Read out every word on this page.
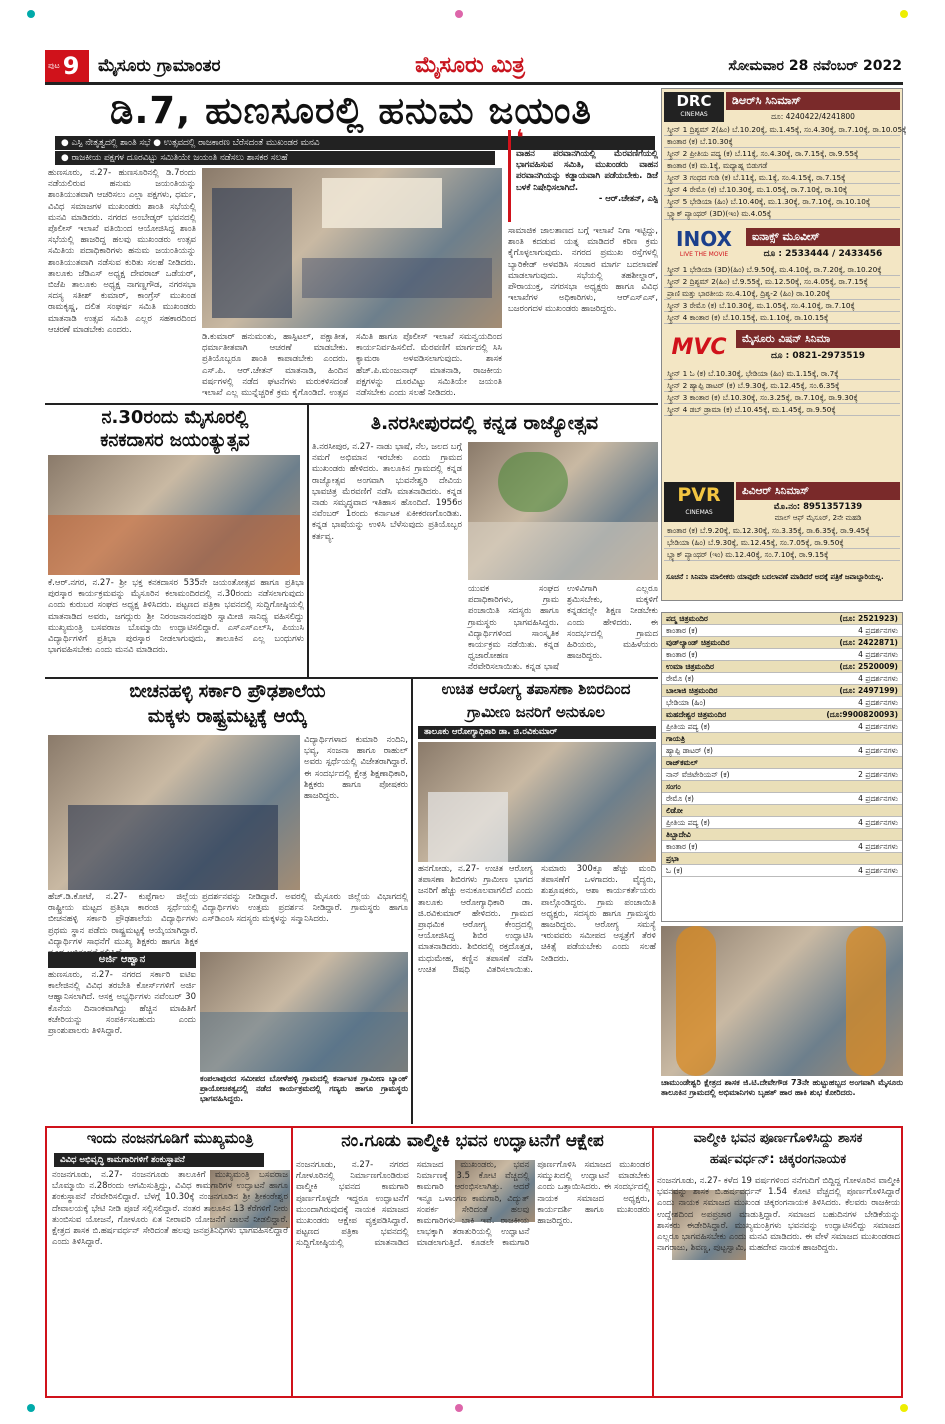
ಪುಟ 9	ಮೈಸೂರು ಗ್ರಾಮಾಂತರ	ಮೈಸೂರು ಮಿತ್ರ	ಸೋಮವಾರ 28 ನವೆಂಬರ್ 2022
ಡಿ.7, ಹುಣಸೂರಲ್ಲಿ ಹನುಮ ಜಯಂತಿ
● ಎಸ್ಪಿ ನೇತೃತ್ವದಲ್ಲಿ ಶಾಂತಿ ಸಭೆ ● ಉತ್ಸವದಲ್ಲಿ ರಾಜಕಾರಣ ಬೆರೆಸದಂತೆ ಮುಖಂಡರ ಮನವಿ
● ರಾಜಕೀಯ ಪಕ್ಷಗಳ ದೂರವಿಟ್ಟು ಸಮಿತಿಯೇ ಜಯಂತಿ ನಡೆಸಲು ಶಾಸಕರ ಸಲಹೆ
ಹುಣಸೂರು, ನ.27- ಹುಣಸೂರಿನಲ್ಲಿ ಡಿ.7ರಂದು ನಡೆಯಲಿರುವ ಹನುಮ ಜಯಂತಿಯನ್ನು ಶಾಂತಿಯುತವಾಗಿ ಆಚರಿಸಲು ಎಲ್ಲಾ ಪಕ್ಷಗಳು, ಧರ್ಮ, ವಿವಿಧ ಸಮಾಜಗಳ ಮುಖಂಡರು ಶಾಂತಿ ಸಭೆಯಲ್ಲಿ ಮನವಿ ಮಾಡಿದರು. ನಗರದ ಅಂಬೇಡ್ಕರ್ ಭವನದಲ್ಲಿ ಪೊಲೀಸ್ ಇಲಾಖೆ ವತಿಯಿಂದ ಆಯೋಜಿಸಿದ್ದ ಶಾಂತಿ ಸಭೆಯಲ್ಲಿ ಹಾಜರಿದ್ದ ಹಲವು ಮುಖಂಡರು ಉತ್ಸವ ಸಮಿತಿಯ ಪದಾಧಿಕಾರಿಗಳು ಹನುಮ ಜಯಂತಿಯನ್ನು ಶಾಂತಿಯುತವಾಗಿ ನಡೆಸುವ ಕುರಿತು ಸಲಹೆ ನೀಡಿದರು. ತಾಲೂಕು ಜೆಡಿಎಸ್ ಅಧ್ಯಕ್ಷ ದೇವರಾಜ್ ಒಡೆಯರ್, ಬಿಜೆಪಿ ತಾಲೂಕು ಅಧ್ಯಕ್ಷ ನಾಗಣ್ಣಗೌಡ, ನಗರಸಭಾ ಸದಸ್ಯ ಸತೀಶ್ ಕುಮಾರ್, ಕಾಂಗ್ರೆಸ್ ಮುಖಂಡ ರಾಮಕೃಷ್ಣ, ದಲಿತ ಸಂಘರ್ಷ ಸಮಿತಿ ಮುಖಂಡರು ಮಾತನಾಡಿ ಉತ್ಸವ ಸಮಿತಿ ಎಲ್ಲರ ಸಹಕಾರದಿಂದ ಆಚರಣೆ ಮಾಡಬೇಕು ಎಂದರು.
ಡಿ.ಕುಮಾರ್ ಹನುಮಂತು, ಹಾಸ್ಪಿಟಲ್, ಪಕ್ಷಾತೀತ, ಧರ್ಮಾತೀತವಾಗಿ ಆಚರಣೆ ಮಾಡಬೇಕು. ಪ್ರತಿಯೊಬ್ಬರೂ ಶಾಂತಿ ಕಾಪಾಡಬೇಕು ಎಂದರು. ಎಸ್.ಪಿ. ಆರ್.ಚೇತನ್ ಮಾತನಾಡಿ, ಹಿಂದಿನ ವರ್ಷಗಳಲ್ಲಿ ನಡೆದ ಘಟನೆಗಳು ಮರುಕಳಿಸದಂತೆ ಇಲಾಖೆ ಎಲ್ಲ ಮುನ್ನೆಚ್ಚರಿಕೆ ಕ್ರಮ ಕೈಗೊಂಡಿದೆ. ಉತ್ಸವ ಸಮಿತಿ ಹಾಗೂ ಪೊಲೀಸ್ ಇಲಾಖೆ ಸಮನ್ವಯದಿಂದ ಕಾರ್ಯನಿರ್ವಹಿಸಲಿದೆ. ಮೆರವಣಿಗೆ ಮಾರ್ಗದಲ್ಲಿ ಸಿಸಿ ಕ್ಯಾಮರಾ ಅಳವಡಿಸಲಾಗುವುದು. ಶಾಸಕ ಹೆಚ್.ಪಿ.ಮಂಜುನಾಥ್ ಮಾತನಾಡಿ, ರಾಜಕೀಯ ಪಕ್ಷಗಳನ್ನು ದೂರವಿಟ್ಟು ಸಮಿತಿಯೇ ಜಯಂತಿ ನಡೆಸಬೇಕು ಎಂದು ಸಲಹೆ ನೀಡಿದರು.
❛
ವಾಹನ ಪರವಾನಗಿಯಲ್ಲಿ ಮೆರವಣಿಗೆಯಲ್ಲಿ ಭಾಗವಹಿಸುವ ಸಮಿತಿ, ಮುಖಂಡರು ವಾಹನ ಪರವಾನಗಿಯನ್ನು ಕಡ್ಡಾಯವಾಗಿ ಪಡೆಯಬೇಕು. ಡಿಜೆ ಬಳಕೆ ನಿಷೇಧಿಸಲಾಗಿದೆ.
- ಆರ್.ಚೇತನ್, ಎಸ್ಪಿ
ಸಾಮಾಜಿಕ ಜಾಲತಾಣದ ಬಗ್ಗೆ ಇಲಾಖೆ ನಿಗಾ ಇಟ್ಟಿದ್ದು, ಶಾಂತಿ ಕದಡುವ ಯತ್ನ ಮಾಡಿದರೆ ಕಠಿಣ ಕ್ರಮ ಕೈಗೊಳ್ಳಲಾಗುವುದು. ನಗರದ ಪ್ರಮುಖ ರಸ್ತೆಗಳಲ್ಲಿ ಬ್ಯಾರಿಕೇಡ್ ಅಳವಡಿಸಿ ಸಂಚಾರ ಮಾರ್ಗ ಬದಲಾವಣೆ ಮಾಡಲಾಗುವುದು. ಸಭೆಯಲ್ಲಿ ತಹಶೀಲ್ದಾರ್, ಪೌರಾಯುಕ್ತ, ನಗರಸಭಾ ಅಧ್ಯಕ್ಷರು ಹಾಗೂ ವಿವಿಧ ಇಲಾಖೆಗಳ ಅಧಿಕಾರಿಗಳು, ಆರ್‌ಎಸ್‌ಎಸ್, ಬಜರಂಗದಳ ಮುಖಂಡರು ಹಾಜರಿದ್ದರು.
ನ.30ರಂದು ಮೈಸೂರಲ್ಲಿ
ಕನಕದಾಸರ ಜಯಂತ್ಯುತ್ಸವ
ಕೆ.ಆರ್.ನಗರ, ನ.27- ಶ್ರೀ ಭಕ್ತ ಕನಕದಾಸರ 535ನೇ ಜಯಂತೋತ್ಸವ ಹಾಗೂ ಪ್ರತಿಭಾ ಪುರಸ್ಕಾರ ಕಾರ್ಯಕ್ರಮವನ್ನು ಮೈಸೂರಿನ ಕಲಾಮಂದಿರದಲ್ಲಿ ನ.30ರಂದು ನಡೆಸಲಾಗುವುದು ಎಂದು ಕುರುಬರ ಸಂಘದ ಅಧ್ಯಕ್ಷ ತಿಳಿಸಿದರು. ಪಟ್ಟಣದ ಪತ್ರಿಕಾ ಭವನದಲ್ಲಿ ಸುದ್ದಿಗೋಷ್ಠಿಯಲ್ಲಿ ಮಾತನಾಡಿದ ಅವರು, ಜಗದ್ಗುರು ಶ್ರೀ ನಿರಂಜನಾನಂದಪುರಿ ಸ್ವಾಮೀಜಿ ಸಾನಿಧ್ಯ ವಹಿಸಲಿದ್ದು ಮುಖ್ಯಮಂತ್ರಿ ಬಸವರಾಜ ಬೊಮ್ಮಾಯಿ ಉದ್ಘಾಟಿಸಲಿದ್ದಾರೆ. ಎಸ್‌ಎಸ್‌ಎಲ್‌ಸಿ, ಪಿಯುಸಿ ವಿದ್ಯಾರ್ಥಿಗಳಿಗೆ ಪ್ರತಿಭಾ ಪುರಸ್ಕಾರ ನೀಡಲಾಗುವುದು, ತಾಲೂಕಿನ ಎಲ್ಲ ಬಂಧುಗಳು ಭಾಗವಹಿಸಬೇಕು ಎಂದು ಮನವಿ ಮಾಡಿದರು.
ತಿ.ನರಸೀಪುರದಲ್ಲಿ ಕನ್ನಡ ರಾಜ್ಯೋತ್ಸವ
ತಿ.ನರಸೀಪುರ, ನ.27- ನಾಡು ಭಾಷೆ, ನೆಲ, ಜಲದ ಬಗ್ಗೆ ನಮಗೆ ಅಭಿಮಾನ ಇರಬೇಕು ಎಂದು ಗ್ರಾಮದ ಮುಖಂಡರು ಹೇಳಿದರು. ತಾಲೂಕಿನ ಗ್ರಾಮದಲ್ಲಿ ಕನ್ನಡ ರಾಜ್ಯೋತ್ಸವ ಅಂಗವಾಗಿ ಭುವನೇಶ್ವರಿ ದೇವಿಯ ಭಾವಚಿತ್ರ ಮೆರವಣಿಗೆ ನಡೆಸಿ ಮಾತನಾಡಿದರು. ಕನ್ನಡ ನಾಡು ಸಮೃದ್ಧವಾದ ಇತಿಹಾಸ ಹೊಂದಿದೆ. 1956ರ ನವೆಂಬರ್ 1ರಂದು ಕರ್ನಾಟಕ ಏಕೀಕರಣಗೊಂಡಿತು. ಕನ್ನಡ ಭಾಷೆಯನ್ನು ಉಳಿಸಿ ಬೆಳೆಸುವುದು ಪ್ರತಿಯೊಬ್ಬರ ಕರ್ತವ್ಯ.
ಯುವಕ ಸಂಘದ ಪದಾಧಿಕಾರಿಗಳು, ಗ್ರಾಮ ಪಂಚಾಯಿತಿ ಸದಸ್ಯರು ಹಾಗೂ ಗ್ರಾಮಸ್ಥರು ಭಾಗವಹಿಸಿದ್ದರು. ವಿದ್ಯಾರ್ಥಿಗಳಿಂದ ಸಾಂಸ್ಕೃತಿಕ ಕಾರ್ಯಕ್ರಮ ನಡೆಯಿತು. ಕನ್ನಡ ಧ್ವಜಾರೋಹಣ ನೆರವೇರಿಸಲಾಯಿತು. ಕನ್ನಡ ಭಾಷೆ ಉಳಿವಿಗಾಗಿ ಎಲ್ಲರೂ ಶ್ರಮಿಸಬೇಕು, ಮಕ್ಕಳಿಗೆ ಕನ್ನಡದಲ್ಲೇ ಶಿಕ್ಷಣ ನೀಡಬೇಕು ಎಂದು ಹೇಳಿದರು. ಈ ಸಂದರ್ಭದಲ್ಲಿ ಗ್ರಾಮದ ಹಿರಿಯರು, ಮಹಿಳೆಯರು ಹಾಜರಿದ್ದರು.
ಬೀಚನಹಳ್ಳಿ ಸರ್ಕಾರಿ ಪ್ರೌಢಶಾಲೆಯ
ಮಕ್ಕಳು ರಾಷ್ಟ್ರಮಟ್ಟಕ್ಕೆ ಆಯ್ಕೆ
ವಿದ್ಯಾರ್ಥಿಗಳಾದ ಕುಮಾರಿ ನಂದಿನಿ, ಭವ್ಯ, ಸಂಜನಾ ಹಾಗೂ ರಾಹುಲ್ ಅವರು ಸ್ಪರ್ಧೆಯಲ್ಲಿ ವಿಜೇತರಾಗಿದ್ದಾರೆ. ಈ ಸಂದರ್ಭದಲ್ಲಿ ಕ್ಷೇತ್ರ ಶಿಕ್ಷಣಾಧಿಕಾರಿ, ಶಿಕ್ಷಕರು ಹಾಗೂ ಪೋಷಕರು ಹಾಜರಿದ್ದರು.
ಹೆಚ್.ಡಿ.ಕೋಟೆ, ನ.27- ಕುಪ್ಪೆಗಾಲ ಜಿಲ್ಲೆಯ ರಾಷ್ಟ್ರೀಯ ಮಟ್ಟದ ಪ್ರತಿಭಾ ಕಾರಂಜಿ ಸ್ಪರ್ಧೆಯಲ್ಲಿ ಬೀಚನಹಳ್ಳಿ ಸರ್ಕಾರಿ ಪ್ರೌಢಶಾಲೆಯ ವಿದ್ಯಾರ್ಥಿಗಳು ಪ್ರಥಮ ಸ್ಥಾನ ಪಡೆದು ರಾಷ್ಟ್ರಮಟ್ಟಕ್ಕೆ ಆಯ್ಕೆಯಾಗಿದ್ದಾರೆ. ವಿದ್ಯಾರ್ಥಿಗಳ ಸಾಧನೆಗೆ ಮುಖ್ಯ ಶಿಕ್ಷಕರು ಹಾಗೂ ಶಿಕ್ಷಕ
ಪ್ರದರ್ಶನವನ್ನು ನೀಡಿದ್ದಾರೆ. ಅವರಲ್ಲಿ ಮೈಸೂರು ಜಿಲ್ಲೆಯ ವಿಭಾಗದಲ್ಲಿ ವಿದ್ಯಾರ್ಥಿಗಳು ಉತ್ತಮ ಪ್ರದರ್ಶನ ನೀಡಿದ್ದಾರೆ. ಗ್ರಾಮಸ್ಥರು ಹಾಗೂ ಎಸ್‌ಡಿಎಂಸಿ ಸದಸ್ಯರು ಮಕ್ಕಳನ್ನು ಸನ್ಮಾನಿಸಿದರು.
ಅರ್ಜಿ ಆಹ್ವಾನ
ಹುಣಸೂರು, ನ.27- ನಗರದ ಸರ್ಕಾರಿ ಐಟಿಐ ಕಾಲೇಜಿನಲ್ಲಿ ವಿವಿಧ ತರಬೇತಿ ಕೋರ್ಸ್‌ಗಳಿಗೆ ಅರ್ಜಿ ಆಹ್ವಾನಿಸಲಾಗಿದೆ. ಆಸಕ್ತ ಅಭ್ಯರ್ಥಿಗಳು ನವೆಂಬರ್ 30 ಕೊನೆಯ ದಿನಾಂಕವಾಗಿದ್ದು ಹೆಚ್ಚಿನ ಮಾಹಿತಿಗೆ ಕಚೇರಿಯನ್ನು ಸಂಪರ್ಕಿಸಬಹುದು ಎಂದು ಪ್ರಾಂಶುಪಾಲರು ತಿಳಿಸಿದ್ದಾರೆ.
ಕಂಪಲಾಪುರದ ಸಮೀಪದ ಬೋಳೆಹಳ್ಳಿ ಗ್ರಾಮದಲ್ಲಿ ಕರ್ನಾಟಕ ಗ್ರಾಮೀಣ ಬ್ಯಾಂಕ್ ಪ್ರಾಯೋಜಕತ್ವದಲ್ಲಿ ನಡೆದ ಕಾರ್ಯಕ್ರಮದಲ್ಲಿ ಗಣ್ಯರು ಹಾಗೂ ಗ್ರಾಮಸ್ಥರು ಭಾಗವಹಿಸಿದ್ದರು.
ಉಚಿತ ಆರೋಗ್ಯ ತಪಾಸಣಾ ಶಿಬಿರದಿಂದ
ಗ್ರಾಮೀಣ ಜನರಿಗೆ ಅನುಕೂಲ
ತಾಲೂಕು ಆರೋಗ್ಯಾಧಿಕಾರಿ ಡಾ. ಜಿ.ರವಿಕುಮಾರ್
ಹನಗೋಡು, ನ.27- ಉಚಿತ ಆರೋಗ್ಯ ತಪಾಸಣಾ ಶಿಬಿರಗಳು ಗ್ರಾಮೀಣ ಭಾಗದ ಜನರಿಗೆ ಹೆಚ್ಚು ಅನುಕೂಲವಾಗಲಿದೆ ಎಂದು ತಾಲೂಕು ಆರೋಗ್ಯಾಧಿಕಾರಿ ಡಾ. ಜಿ.ರವಿಕುಮಾರ್ ಹೇಳಿದರು. ಗ್ರಾಮದ ಪ್ರಾಥಮಿಕ ಆರೋಗ್ಯ ಕೇಂದ್ರದಲ್ಲಿ ಆಯೋಜಿಸಿದ್ದ ಶಿಬಿರ ಉದ್ಘಾಟಿಸಿ ಮಾತನಾಡಿದರು. ಶಿಬಿರದಲ್ಲಿ ರಕ್ತದೊತ್ತಡ, ಮಧುಮೇಹ, ಕಣ್ಣಿನ ತಪಾಸಣೆ ನಡೆಸಿ ಉಚಿತ ಔಷಧಿ ವಿತರಿಸಲಾಯಿತು. ಸುಮಾರು 300ಕ್ಕೂ ಹೆಚ್ಚು ಮಂದಿ ತಪಾಸಣೆಗೆ ಒಳಗಾದರು. ವೈದ್ಯರು, ಶುಶ್ರೂಷಕರು, ಆಶಾ ಕಾರ್ಯಕರ್ತೆಯರು ಪಾಲ್ಗೊಂಡಿದ್ದರು. ಗ್ರಾಮ ಪಂಚಾಯಿತಿ ಅಧ್ಯಕ್ಷರು, ಸದಸ್ಯರು ಹಾಗೂ ಗ್ರಾಮಸ್ಥರು ಹಾಜರಿದ್ದರು. ಆರೋಗ್ಯ ಸಮಸ್ಯೆ ಇರುವವರು ಸಮೀಪದ ಆಸ್ಪತ್ರೆಗೆ ತೆರಳಿ ಚಿಕಿತ್ಸೆ ಪಡೆಯಬೇಕು ಎಂದು ಸಲಹೆ ನೀಡಿದರು.
DRC
CINEMAS
ಡಿಆರ್‌ಸಿ ಸಿನಿಮಾಸ್
ದೂ: 4240422/4241800
ಸ್ಕ್ರೀನ್ 1 ದ್ರಿಶ್ಯಮ್ 2(ಹಿಂ) ಬೆ.10.20ಕ್ಕೆ, ಮ.1.45ಕ್ಕೆ, ಸಂ.4.30ಕ್ಕೆ, ರಾ.7.10ಕ್ಕೆ, ರಾ.10.05ಕ್ಕೆ
ಕಾಂತಾರ (ಕ) ಬೆ.10.30ಕ್ಕೆ
ಸ್ಕ್ರೀನ್ 2 ಪ್ರೀತಿಯ ಪದ್ಯ (ಕ) ಬೆ.11ಕ್ಕೆ, ಸಂ.4.30ಕ್ಕೆ, ರಾ.7.15ಕ್ಕೆ, ರಾ.9.55ಕ್ಕೆ
ಕಾಂತಾರ (ಕ) ಮ.1ಕ್ಕೆ, ಮಧ್ಯಾಹ್ನ ಬಿಡುಗಡೆ
ಸ್ಕ್ರೀನ್ 3 ಗಂಧದ ಗುಡಿ (ಕ) ಬೆ.11ಕ್ಕೆ, ಮ.1ಕ್ಕೆ, ಸಂ.4.15ಕ್ಕೆ, ರಾ.7.15ಕ್ಕೆ
ಸ್ಕ್ರೀನ್ 4 ರೇಮೊ (ಕ) ಬೆ.10.30ಕ್ಕೆ, ಮ.1.05ಕ್ಕೆ, ರಾ.7.10ಕ್ಕೆ, ರಾ.10ಕ್ಕೆ
ಸ್ಕ್ರೀನ್ 5 ಭೇಡಿಯಾ (ಹಿಂ) ಬೆ.10.40ಕ್ಕೆ, ಮ.1.30ಕ್ಕೆ, ರಾ.7.10ಕ್ಕೆ, ರಾ.10.10ಕ್ಕೆ
ಬ್ಲ್ಯಾಕ್ ಪ್ಯಾಂಥರ್ (3D)(ಇಂ) ಮ.4.05ಕ್ಕೆ
INOX
LIVE THE MOVIE
ಐನಾಕ್ಸ್ ಮೂವೀಸ್
ದೂ : 2533444 / 2433456
ಸ್ಕ್ರೀನ್ 1 ಭೇಡಿಯಾ (3D)(ಹಿಂ) ಬೆ.9.50ಕ್ಕೆ, ಮ.4.10ಕ್ಕೆ, ರಾ.7.20ಕ್ಕೆ, ರಾ.10.20ಕ್ಕೆ
ಸ್ಕ್ರೀನ್ 2 ದ್ರಿಶ್ಯಮ್ 2(ಹಿಂ) ಬೆ.9.55ಕ್ಕೆ, ಮ.12.50ಕ್ಕೆ, ಸಂ.4.05ಕ್ಕೆ, ರಾ.7.15ಕ್ಕೆ
ಪ್ರಾಣಿ ಮತ್ತು ಭಾರತೀಯ ಸಂ.4.10ಕ್ಕೆ, ದ್ರಿಶ್ಯ-2 (ಹಿಂ) ರಾ.10.20ಕ್ಕೆ
ಸ್ಕ್ರೀನ್ 3 ರೇಮೊ (ಕ) ಬೆ.10.30ಕ್ಕೆ, ಮ.1.05ಕ್ಕೆ, ಸಂ.4.10ಕ್ಕೆ, ರಾ.7.10ಕ್ಕೆ
ಸ್ಕ್ರೀನ್ 4 ಕಾಂತಾರ (ಕ) ಬೆ.10.15ಕ್ಕೆ, ಮ.1.10ಕ್ಕೆ, ರಾ.10.15ಕ್ಕೆ
MVC	ಮೈಸೂರು ವಿಷನ್ ಸಿನಿಮಾ
ದೂ : 0821-2973519
ಸ್ಕ್ರೀನ್ 1 ಓ (ಕ) ಬೆ.10.30ಕ್ಕೆ, ಭೇಡಿಯಾ (ಹಿಂ) ಮ.1.15ಕ್ಕೆ, ರಾ.7ಕ್ಕೆ
ಸ್ಕ್ರೀನ್ 2 ಹ್ಯಾಪ್ಪಿ ಡಾಟರ್ (ಕ) ಬೆ.9.30ಕ್ಕೆ, ಮ.12.45ಕ್ಕೆ, ಸಂ.6.35ಕ್ಕೆ
ಸ್ಕ್ರೀನ್ 3 ಕಾಂತಾರ (ಕ) ಬೆ.10.30ಕ್ಕೆ, ಸಂ.3.25ಕ್ಕೆ, ರಾ.7.10ಕ್ಕೆ, ರಾ.9.30ಕ್ಕೆ
ಸ್ಕ್ರೀನ್ 4 ಡಬ್ ಡ್ರಾಮಾ (ಕ) ಬೆ.10.45ಕ್ಕೆ, ಮ.1.45ಕ್ಕೆ, ರಾ.9.50ಕ್ಕೆ
PVR
CINEMAS
ಪಿವಿಆರ್ ಸಿನಿಮಾಸ್
ಮೊ.ನಂ: 8951357139
ಮಾಲ್ ಆಫ್ ಮೈಸೂರ್, 2ನೇ ಮಹಡಿ
ಕಾಂತಾರ (ಕ) ಬೆ.9.20ಕ್ಕೆ, ಮ.12.30ಕ್ಕೆ, ಸಂ.3.35ಕ್ಕೆ, ರಾ.6.35ಕ್ಕೆ, ರಾ.9.45ಕ್ಕೆ
ಭೇಡಿಯಾ (ಹಿಂ) ಬೆ.9.30ಕ್ಕೆ, ಮ.12.45ಕ್ಕೆ, ಸಂ.7.05ಕ್ಕೆ, ರಾ.9.50ಕ್ಕೆ
ಬ್ಲ್ಯಾಕ್ ಪ್ಯಾಂಥರ್ (ಇಂ) ಮ.12.40ಕ್ಕೆ, ಸಂ.7.10ಕ್ಕೆ, ರಾ.9.15ಕ್ಕೆ
ಸೂಚನೆ : ಸಿನಿಮಾ ಮಾಲೀಕರು ಯಾವುದೇ ಬದಲಾವಣೆ ಮಾಡಿದರೆ ಅದಕ್ಕೆ ಪತ್ರಿಕೆ ಜವಾಬ್ದಾರಿಯಲ್ಲ.
ಪದ್ಮ ಚಿತ್ರಮಂದಿರ	(ದೂ: 2521923)
ಕಾಂತಾರ (ಕ)	4 ಪ್ರದರ್ಶನಗಳು
ವುಡ್‌ಲ್ಯಾಂಡ್ ಚಿತ್ರಮಂದಿರ	(ದೂ: 2422871)
ಕಾಂತಾರ (ಕ)	4 ಪ್ರದರ್ಶನಗಳು
ಉಮಾ ಚಿತ್ರಮಂದಿರ	(ದೂ: 2520009)
ರೇಮೊ (ಕ)	4 ಪ್ರದರ್ಶನಗಳು
ಬಾಲಾಜಿ ಚಿತ್ರಮಂದಿರ	(ದೂ: 2497199)
ಭೇಡಿಯಾ (ಹಿಂ)	4 ಪ್ರದರ್ಶನಗಳು
ಮಹದೇಶ್ವರ ಚಿತ್ರಮಂದಿರ	(ದೂ:9900820093)
ಪ್ರೀತಿಯ ಪದ್ಯ (ಕ)	4 ಪ್ರದರ್ಶನಗಳು
ಗಾಯತ್ರಿ
ಹ್ಯಾಪ್ಪಿ ಡಾಟರ್ (ಕ)	4 ಪ್ರದರ್ಶನಗಳು
ರಾಜ್‌ಕಮಲ್
ನಾನ್ ವೆಜಿಟೇರಿಯನ್ (ಕ)	2 ಪ್ರದರ್ಶನಗಳು
ಸಂಗಂ
ರೇಮೊ (ಕ)	4 ಪ್ರದರ್ಶನಗಳು
ಲಿಡೋ
ಪ್ರೀತಿಯ ಪದ್ಯ (ಕ)	4 ಪ್ರದರ್ಶನಗಳು
ತಿಬ್ಬಾದೇವಿ
ಕಾಂತಾರ (ಕ)	4 ಪ್ರದರ್ಶನಗಳು
ಪ್ರಭಾ
ಓ (ಕ)	4 ಪ್ರದರ್ಶನಗಳು
ಚಾಮುಂಡೇಶ್ವರಿ ಕ್ಷೇತ್ರದ ಶಾಸಕ ಜಿ.ಟಿ.ದೇವೇಗೌಡ 73ನೇ ಹುಟ್ಟುಹಬ್ಬದ ಅಂಗವಾಗಿ ಮೈಸೂರು ತಾಲೂಕಿನ ಗ್ರಾಮದಲ್ಲಿ ಅಭಿಮಾನಿಗಳು ಬೃಹತ್ ಹಾರ ಹಾಕಿ ಶುಭ ಕೋರಿದರು.
ಇಂದು ನಂಜನಗೂಡಿಗೆ ಮುಖ್ಯಮಂತ್ರಿ
ವಿವಿಧ ಅಭಿವೃದ್ಧಿ ಕಾಮಗಾರಿಗಳಿಗೆ ಶಂಕುಸ್ಥಾಪನೆ
ನಂಜನಗೂಡು, ನ.27- ನಂಜನಗೂಡು ತಾಲೂಕಿಗೆ ಮುಖ್ಯಮಂತ್ರಿ ಬಸವರಾಜ ಬೊಮ್ಮಾಯಿ ನ.28ರಂದು ಆಗಮಿಸುತ್ತಿದ್ದು, ವಿವಿಧ ಕಾಮಗಾರಿಗಳ ಉದ್ಘಾಟನೆ ಹಾಗೂ ಶಂಕುಸ್ಥಾಪನೆ ನೆರವೇರಿಸಲಿದ್ದಾರೆ. ಬೆಳಗ್ಗೆ 10.30ಕ್ಕೆ ನಂಜನಗೂಡಿನ ಶ್ರೀ ಶ್ರೀಕಂಠೇಶ್ವರ ದೇವಾಲಯಕ್ಕೆ ಭೇಟಿ ನೀಡಿ ಪೂಜೆ ಸಲ್ಲಿಸಲಿದ್ದಾರೆ. ನಂತರ ತಾಲೂಕಿನ 13 ಕೆರೆಗಳಿಗೆ ನೀರು ತುಂಬಿಸುವ ಯೋಜನೆ, ಗೋಳೂರು ಏತ ನೀರಾವರಿ ಯೋಜನೆಗೆ ಚಾಲನೆ ನೀಡಲಿದ್ದಾರೆ. ಕ್ಷೇತ್ರದ ಶಾಸಕ ಬಿ.ಹರ್ಷವರ್ಧನ್ ಸೇರಿದಂತೆ ಹಲವು ಜನಪ್ರತಿನಿಧಿಗಳು ಭಾಗವಹಿಸಲಿದ್ದಾರೆ ಎಂದು ತಿಳಿಸಿದ್ದಾರೆ.
ನಂ.ಗೂಡು ವಾಲ್ಮೀಕಿ ಭವನ ಉದ್ಘಾಟನೆಗೆ ಆಕ್ಷೇಪ
ನಂಜನಗೂಡು, ನ.27- ನಗರದ ಗೋಳೂರಿನಲ್ಲಿ ನಿರ್ಮಾಣಗೊಂಡಿರುವ ವಾಲ್ಮೀಕಿ ಭವನದ ಕಾಮಗಾರಿ ಪೂರ್ಣಗೊಳ್ಳದೇ ಇದ್ದರೂ ಉದ್ಘಾಟನೆಗೆ ಮುಂದಾಗಿರುವುದಕ್ಕೆ ನಾಯಕ ಸಮಾಜದ ಮುಖಂಡರು ಆಕ್ಷೇಪ ವ್ಯಕ್ತಪಡಿಸಿದ್ದಾರೆ. ಪಟ್ಟಣದ ಪತ್ರಿಕಾ ಭವನದಲ್ಲಿ ಸುದ್ದಿಗೋಷ್ಠಿಯಲ್ಲಿ ಮಾತನಾಡಿದ ಸಮಾಜದ ಮುಖಂಡರು, ಭವನ ನಿರ್ಮಾಣಕ್ಕೆ 3.5 ಕೋಟಿ ವೆಚ್ಚದಲ್ಲಿ ಕಾಮಗಾರಿ ಆರಂಭಿಸಲಾಗಿತ್ತು. ಆದರೆ ಇನ್ನೂ ಒಳಾಂಗಣ ಕಾಮಗಾರಿ, ವಿದ್ಯುತ್ ಸಂಪರ್ಕ ಸೇರಿದಂತೆ ಹಲವು ಕಾಮಗಾರಿಗಳು ಬಾಕಿ ಇವೆ. ರಾಜಕೀಯ ಲಾಭಕ್ಕಾಗಿ ತರಾತುರಿಯಲ್ಲಿ ಉದ್ಘಾಟನೆ ಮಾಡಲಾಗುತ್ತಿದೆ. ಕೂಡಲೇ ಕಾಮಗಾರಿ ಪೂರ್ಣಗೊಳಿಸಿ ಸಮಾಜದ ಮುಖಂಡರ ಸಮ್ಮುಖದಲ್ಲಿ ಉದ್ಘಾಟನೆ ಮಾಡಬೇಕು ಎಂದು ಒತ್ತಾಯಿಸಿದರು. ಈ ಸಂದರ್ಭದಲ್ಲಿ ನಾಯಕ ಸಮಾಜದ ಅಧ್ಯಕ್ಷರು, ಕಾರ್ಯದರ್ಶಿ ಹಾಗೂ ಮುಖಂಡರು ಹಾಜರಿದ್ದರು.
ವಾಲ್ಮೀಕಿ ಭವನ ಪೂರ್ಣಗೊಳಿಸಿದ್ದು ಶಾಸಕ
ಹರ್ಷವರ್ಧನ್: ಚಿಕ್ಕರಂಗನಾಯಕ
ನಂಜನಗೂಡು, ನ.27- ಕಳೆದ 19 ವರ್ಷಗಳಿಂದ ನನೆಗುದಿಗೆ ಬಿದ್ದಿದ್ದ ಗೋಳೂರಿನ ವಾಲ್ಮೀಕಿ ಭವನವನ್ನು ಶಾಸಕ ಬಿ.ಹರ್ಷವರ್ಧನ್ 1.54 ಕೋಟಿ ವೆಚ್ಚದಲ್ಲಿ ಪೂರ್ಣಗೊಳಿಸಿದ್ದಾರೆ ಎಂದು ನಾಯಕ ಸಮಾಜದ ಮುಖಂಡ ಚಿಕ್ಕರಂಗನಾಯಕ ತಿಳಿಸಿದರು. ಕೆಲವರು ರಾಜಕೀಯ ಉದ್ದೇಶದಿಂದ ಅಪಪ್ರಚಾರ ಮಾಡುತ್ತಿದ್ದಾರೆ. ಸಮಾಜದ ಬಹುದಿನಗಳ ಬೇಡಿಕೆಯನ್ನು ಶಾಸಕರು ಈಡೇರಿಸಿದ್ದಾರೆ. ಮುಖ್ಯಮಂತ್ರಿಗಳು ಭವನವನ್ನು ಉದ್ಘಾಟಿಸಲಿದ್ದು ಸಮಾಜದ ಎಲ್ಲರೂ ಭಾಗವಹಿಸಬೇಕು ಎಂದು ಮನವಿ ಮಾಡಿದರು. ಈ ವೇಳೆ ಸಮಾಜದ ಮುಖಂಡರಾದ ನಾಗರಾಜು, ಶಿವಣ್ಣ, ಪುಟ್ಟಸ್ವಾಮಿ, ಮಹದೇವ ನಾಯಕ ಹಾಜರಿದ್ದರು.
